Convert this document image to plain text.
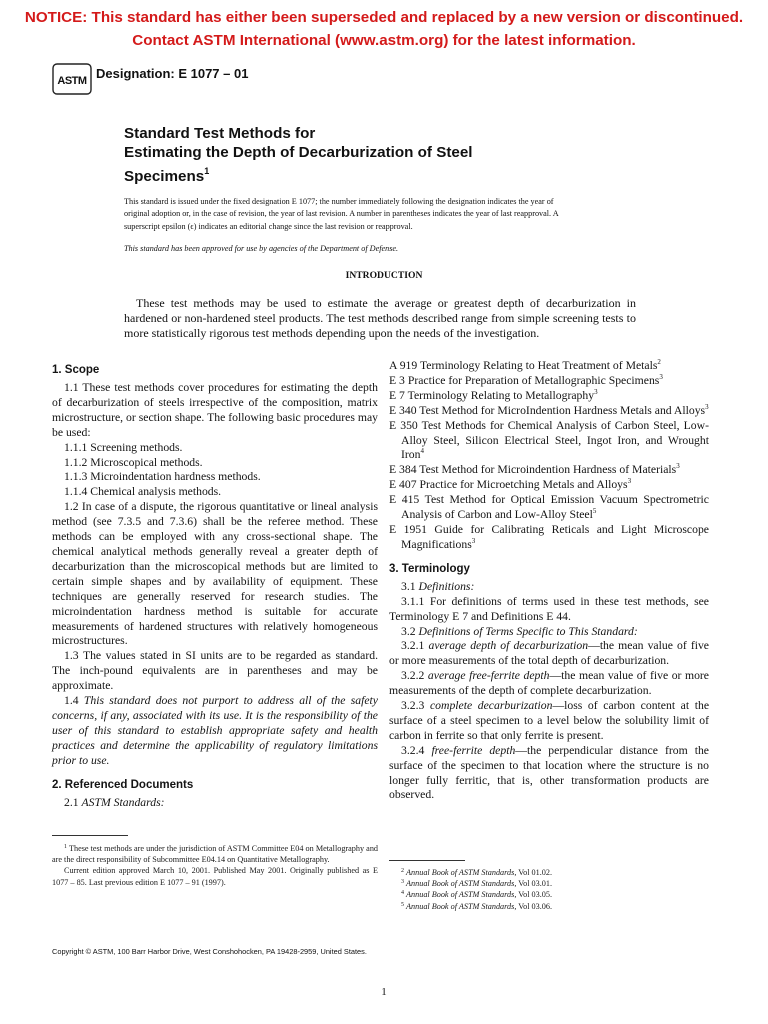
NOTICE: This standard has either been superseded and replaced by a new version or discontinued.
Contact ASTM International (www.astm.org) for the latest information.
ASTM Designation: E 1077 – 01
Standard Test Methods for
Estimating the Depth of Decarburization of Steel
Specimens$^1$
This standard is issued under the fixed designation E 1077; the number immediately following the designation indicates the year of
original adoption or, in the case of revision, the year of last revision. A number in parentheses indicates the year of last reapproval. A
superscript epsilon (ϵ) indicates an editorial change since the last revision or reapproval.
This standard has been approved for use by agencies of the Department of Defense.
INTRODUCTION
These test methods may be used to estimate the average or greatest depth of decarburization in hardened or non-hardened steel products. The test methods described range from simple screening tests to more statistically rigorous test methods depending upon the needs of the investigation.
1. Scope

1.1 These test methods cover procedures for estimating the depth of decarburization of steels irrespective of the composition, matrix microstructure, or section shape. The following basic procedures may be used:

1.1.1 Screening methods.
1.1.2 Microscopical methods.
1.1.3 Microindentation hardness methods.
1.1.4 Chemical analysis methods.

1.2 In case of a dispute, the rigorous quantitative or lineal analysis method (see 7.3.5 and 7.3.6) shall be the referee method. These methods can be employed with any cross-sectional shape. The chemical analytical methods generally reveal a greater depth of decarburization than the microscopical methods but are limited to certain simple shapes and by availability of equipment. These techniques are generally reserved for research studies. The microindentation hardness method is suitable for accurate measurements of hardened structures with relatively homogeneous microstructures.

1.3 The values stated in SI units are to be regarded as standard. The inch-pound equivalents are in parentheses and may be approximate.

1.4 This standard does not purport to address all of the safety concerns, if any, associated with its use. It is the responsibility of the user of this standard to establish appropriate safety and health practices and determine the applicability of regulatory limitations prior to use.

2. Referenced Documents

2.1 ASTM Standards:

$^1$ These test methods are under the jurisdiction of ASTM Committee E04 on Metallography and are the direct responsibility of Subcommittee E04.14 on Quantitative Metallography.

Current edition approved March 10, 2001. Published May 2001. Originally published as E 1077 – 85. Last previous edition E 1077 – 91 (1997).

A 919 Terminology Relating to Heat Treatment of Metals$^2$
E 3 Practice for Preparation of Metallographic Specimens$^3$
E 7 Terminology Relating to Metallography$^3$
E 340 Test Method for MicroIndention Hardness Metals and Alloys$^3$
E 350 Test Methods for Chemical Analysis of Carbon Steel, Low-Alloy Steel, Silicon Electrical Steel, Ingot Iron, and Wrought Iron$^4$
E 384 Test Method for Microindention Hardness of Materials$^3$
E 407 Practice for Microetching Metals and Alloys$^3$
E 415 Test Method for Optical Emission Vacuum Spectrometric Analysis of Carbon and Low-Alloy Steel$^5$
E 1951 Guide for Calibrating Reticals and Light Microscope Magnifications$^3$
3. Terminology

3.1 Definitions:

3.1.1 For definitions of terms used in these test methods, see Terminology E 7 and Definitions E 44.

3.2 Definitions of Terms Specific to This Standard:

3.2.1 average depth of decarburization—the mean value of five or more measurements of the total depth of decarburization.

3.2.2 average free-ferrite depth—the mean value of five or more measurements of the depth of complete decarburization.

3.2.3 complete decarburization—loss of carbon content at the surface of a steel specimen to a level below the solubility limit of carbon in ferrite so that only ferrite is present.

3.2.4 free-ferrite depth—the perpendicular distance from the surface of the specimen to that location where the structure is no longer fully ferritic, that is, other transformation products are observed.

$^2$ Annual Book of ASTM Standards, Vol 01.02.
$^3$ Annual Book of ASTM Standards, Vol 03.01.
$^4$ Annual Book of ASTM Standards, Vol 03.05.
$^5$ Annual Book of ASTM Standards, Vol 03.06.
Copyright © ASTM, 100 Barr Harbor Drive, West Conshohocken, PA 19428-2959, United States.
1
